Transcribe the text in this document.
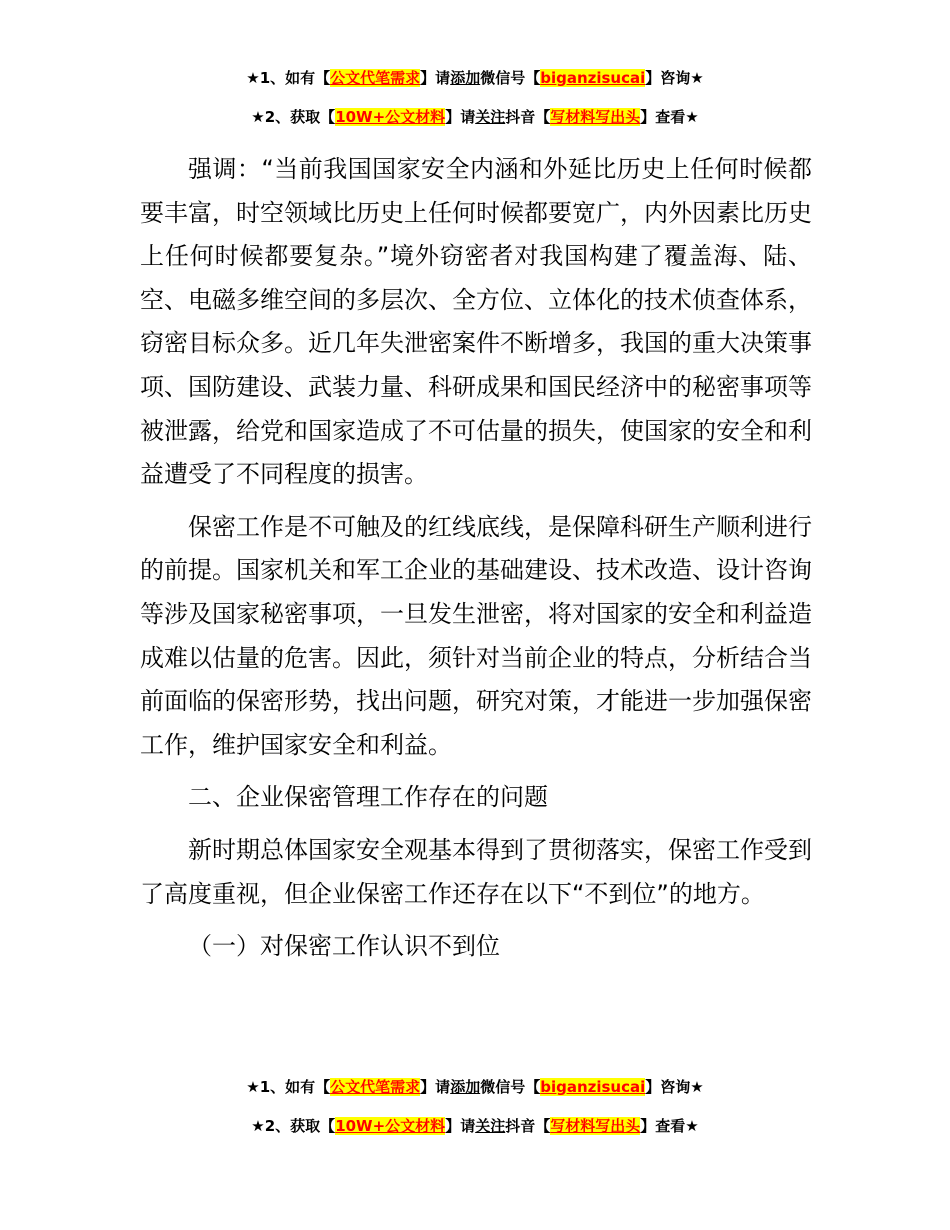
★1、如有【公文代笔需求】请添加微信号【biganzisucai】咨询★
★2、获取【10W+公文材料】请关注抖音【写材料写出头】查看★

强调：“当前我国国家安全内涵和外延比历史上任何时候都要丰富，时空领域比历史上任何时候都要宽广，内外因素比历史上任何时候都要复杂。”境外窃密者对我国构建了覆盖海、陆、空、电磁多维空间的多层次、全方位、立体化的技术侦查体系，窃密目标众多。近几年失泄密案件不断增多，我国的重大决策事项、国防建设、武装力量、科研成果和国民经济中的秘密事项等被泄露，给党和国家造成了不可估量的损失，使国家的安全和利益遭受了不同程度的损害。

保密工作是不可触及的红线底线，是保障科研生产顺利进行的前提。国家机关和军工企业的基础建设、技术改造、设计咨询等涉及国家秘密事项，一旦发生泄密，将对国家的安全和利益造成难以估量的危害。因此，须针对当前企业的特点，分析结合当前面临的保密形势，找出问题，研究对策，才能进一步加强保密工作，维护国家安全和利益。

二、企业保密管理工作存在的问题

新时期总体国家安全观基本得到了贯彻落实，保密工作受到了高度重视，但企业保密工作还存在以下“不到位”的地方。

（一）对保密工作认识不到位

★1、如有【公文代笔需求】请添加微信号【biganzisucai】咨询★
★2、获取【10W+公文材料】请关注抖音【写材料写出头】查看★
